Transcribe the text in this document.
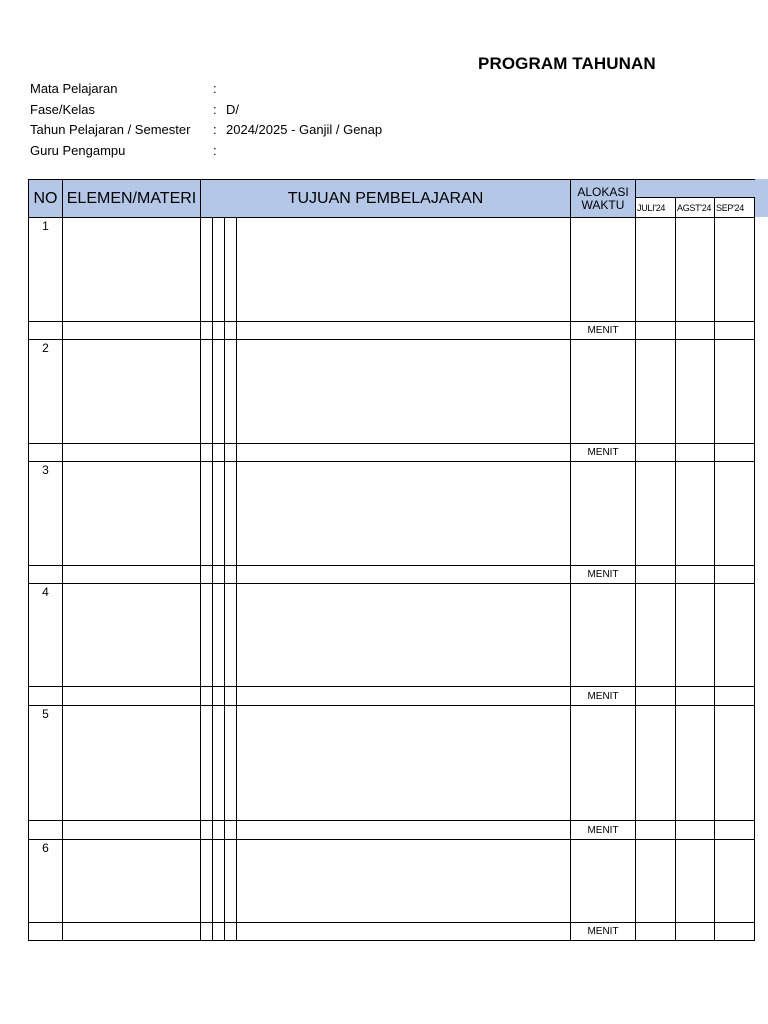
PROGRAM TAHUNAN
Mata Pelajaran	:
Fase/Kelas	: D/
Tahun Pelajaran / Semester : 2024/2025 - Ganjil / Genap
Guru Pengampu	:
NO	ELEMEN/MATERI	TUJUAN PEMBELAJARAN				ALOKASI
WAKTU			

							JULI'24	AGST'24	SEP'24
1									
						MENIT			
2									
						MENIT			
3									
						MENIT			
4									
						MENIT			
5									
						MENIT			
6									
						MENIT			
